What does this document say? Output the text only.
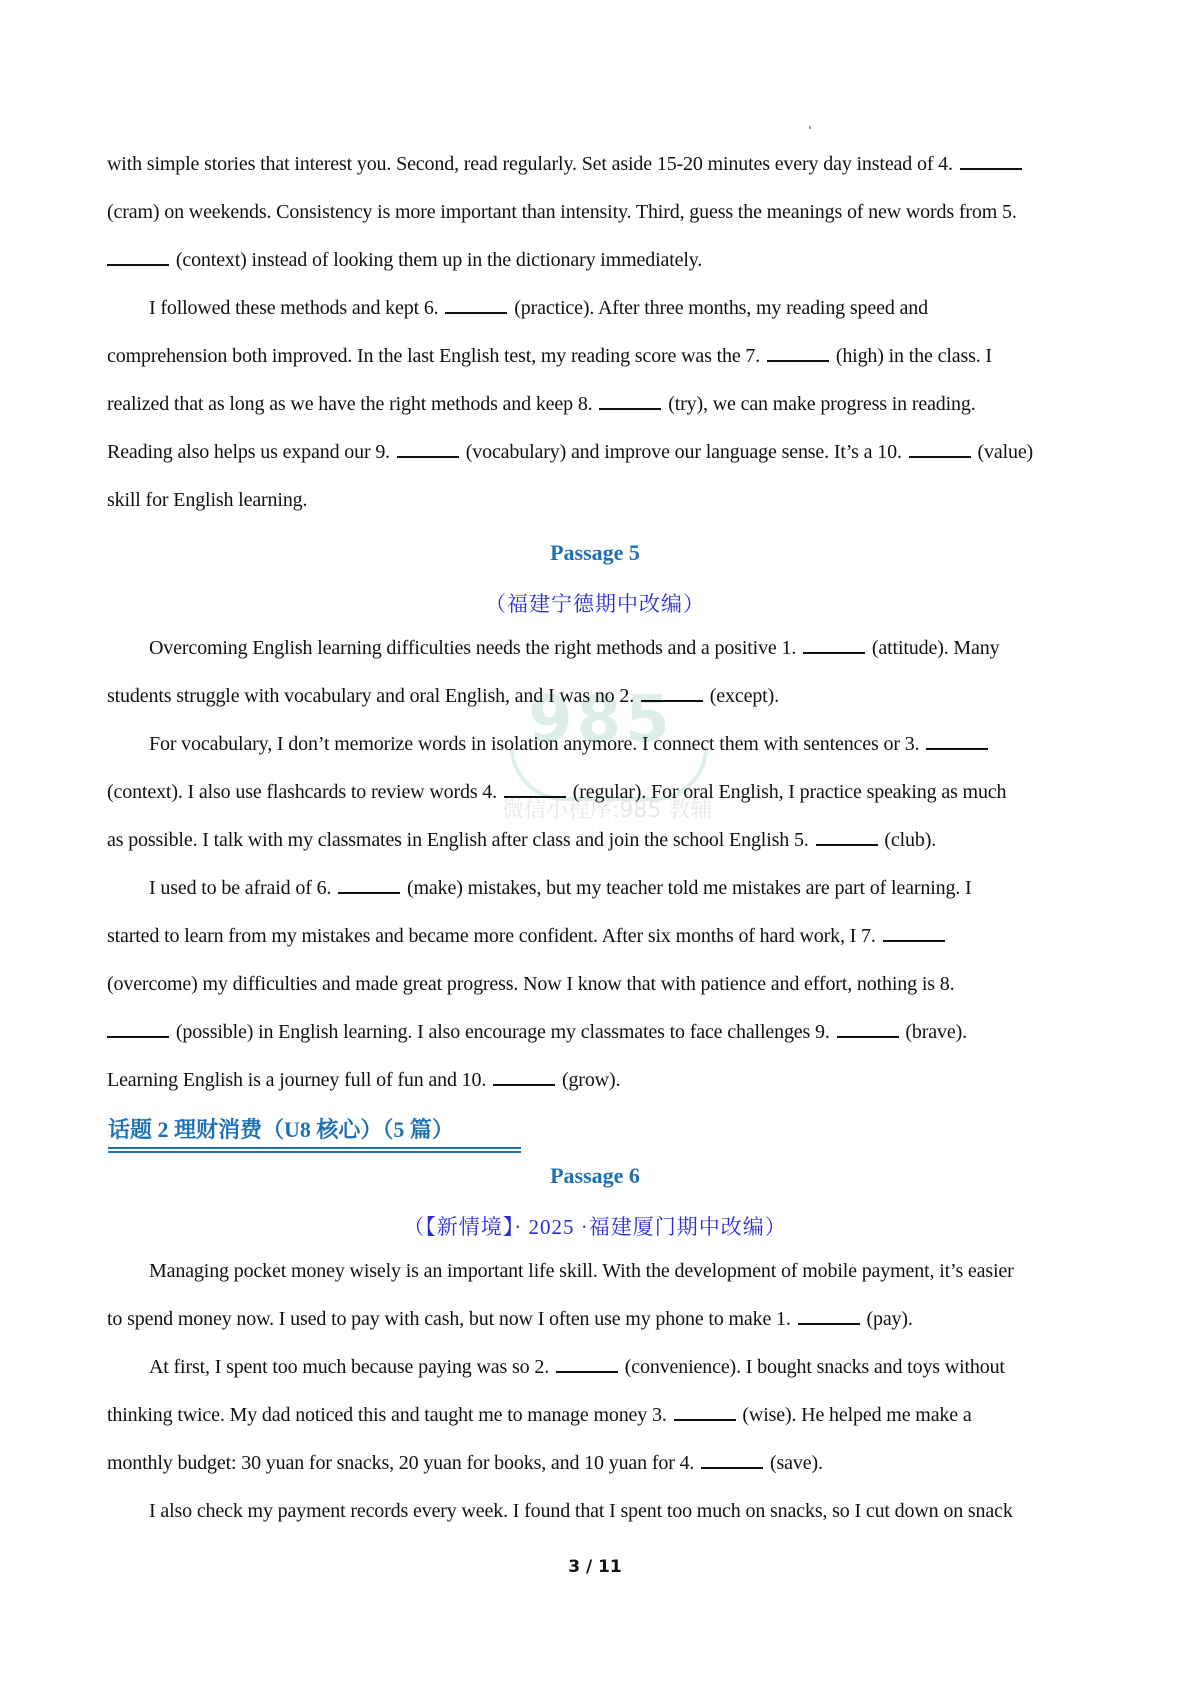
with simple stories that interest you. Second, read regularly. Set aside 15-20 minutes every day instead of 4.
(cram) on weekends. Consistency is more important than intensity. Third, guess the meanings of new words from 5.
(context) instead of looking them up in the dictionary immediately.
I followed these methods and kept 6.	(practice). After three months, my reading speed and
comprehension both improved. In the last English test, my reading score was the 7.	(high) in the class. I
realized that as long as we have the right methods and keep 8.	(try), we can make progress in reading.
Reading also helps us expand our 9.	(vocabulary) and improve our language sense. It’s a 10.	(value)
skill for English learning.
Passage 5
（福建宁德期中改编）
985
微信小程序:985 教辅
Overcoming English learning difficulties needs the right methods and a positive 1.	(attitude). Many
students struggle with vocabulary and oral English, and I was no 2.	(except).
For vocabulary, I don’t memorize words in isolation anymore. I connect them with sentences or 3.
(context). I also use flashcards to review words 4.	(regular). For oral English, I practice speaking as much
as possible. I talk with my classmates in English after class and join the school English 5.	(club).
I used to be afraid of 6.	(make) mistakes, but my teacher told me mistakes are part of learning. I
started to learn from my mistakes and became more confident. After six months of hard work, I 7.
(overcome) my difficulties and made great progress. Now I know that with patience and effort, nothing is 8.
(possible) in English learning. I also encourage my classmates to face challenges 9.	(brave).
Learning English is a journey full of fun and 10.	(grow).
话题 2 理财消费（U8 核心）（5 篇）
Passage 6
（【新情境】· 2025 ·福建厦门期中改编）
Managing pocket money wisely is an important life skill. With the development of mobile payment, it’s easier
to spend money now. I used to pay with cash, but now I often use my phone to make 1.	(pay).
At first, I spent too much because paying was so 2.	(convenience). I bought snacks and toys without
thinking twice. My dad noticed this and taught me to manage money 3.	(wise). He helped me make a
monthly budget: 30 yuan for snacks, 20 yuan for books, and 10 yuan for 4.	(save).
I also check my payment records every week. I found that I spent too much on snacks, so I cut down on snack
3 / 11
